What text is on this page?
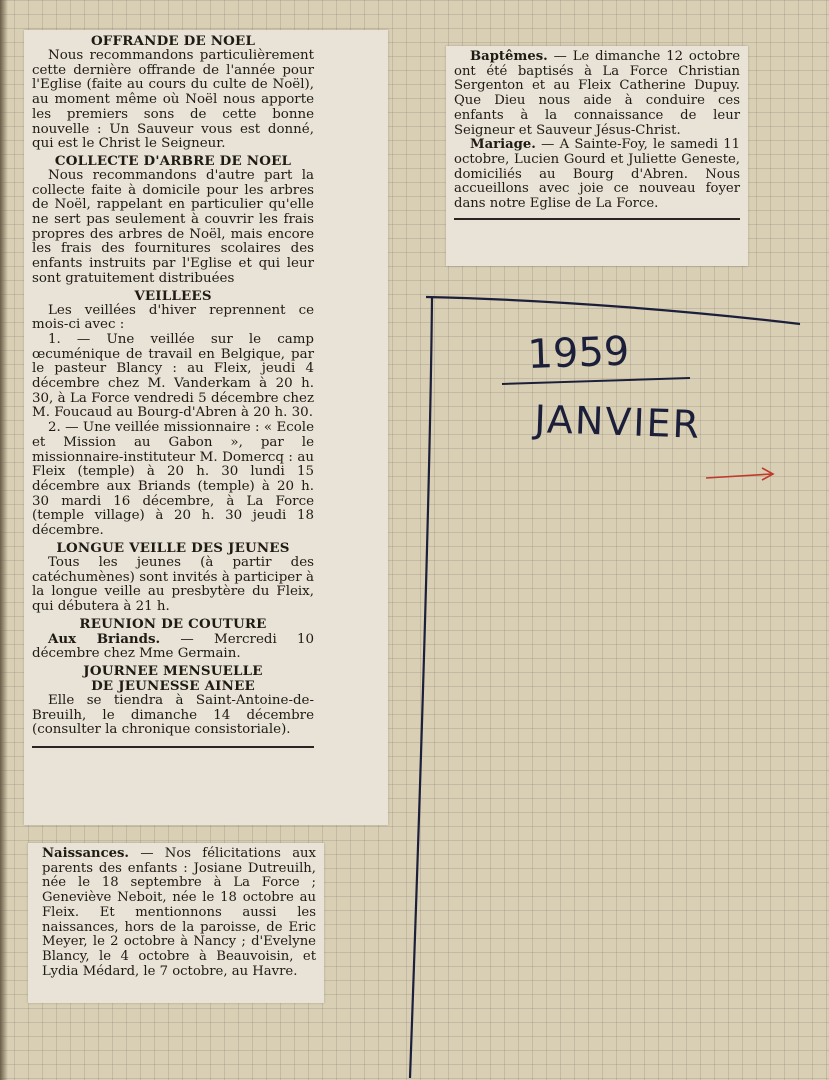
OFFRANDE DE NOEL

Nous recommandons particulièrement cette dernière offrande de l'année pour l'Eglise (faite au cours du culte de Noël), au moment même où Noël nous apporte les premiers sons de cette bonne nouvelle : Un Sauveur vous est donné, qui est le Christ le Seigneur.

COLLECTE D'ARBRE DE NOEL

Nous recommandons d'autre part la collecte faite à domicile pour les arbres de Noël, rappelant en particulier qu'elle ne sert pas seulement à couvrir les frais propres des arbres de Noël, mais encore les frais des fournitures scolaires des enfants instruits par l'Eglise et qui leur sont gratuitement distribuées

VEILLEES

Les veillées d'hiver reprennent ce mois-ci avec :

1. — Une veillée sur le camp œcuménique de travail en Belgique, par le pasteur Blancy : au Fleix, jeudi 4 décembre chez M. Vanderkam à 20 h. 30, à La Force vendredi 5 décembre chez M. Foucaud au Bourg-d'Abren à 20 h. 30.

2. — Une veillée missionnaire : « Ecole et Mission au Gabon », par le missionnaire-instituteur M. Domercq : au Fleix (temple) à 20 h. 30 lundi 15 décembre aux Briands (temple) à 20 h. 30 mardi 16 décembre, à La Force (temple village) à 20 h. 30 jeudi 18 décembre.

LONGUE VEILLE DES JEUNES

Tous les jeunes (à partir des catéchumènes) sont invités à participer à la longue veille au presbytère du Fleix, qui débutera à 21 h.

REUNION DE COUTURE

Aux Briands. — Mercredi 10 décembre chez Mme Germain.

JOURNEE MENSUELLE
DE JEUNESSE AINEE

Elle se tiendra à Saint-Antoine-de-Breuilh, le dimanche 14 décembre (consulter la chronique consistoriale).

Naissances. — Nos félicitations aux parents des enfants : Josiane Dutreuilh, née le 18 septembre à La Force ; Geneviève Neboit, née le 18 octobre au Fleix. Et mentionnons aussi les naissances, hors de la paroisse, de Eric Meyer, le 2 octobre à Nancy ; d'Evelyne Blancy, le 4 octobre à Beauvoisin, et Lydia Médard, le 7 octobre, au Havre.

Baptêmes. — Le dimanche 12 octobre ont été baptisés à La Force Christian Sergenton et au Fleix Catherine Dupuy. Que Dieu nous aide à conduire ces enfants à la connaissance de leur Seigneur et Sauveur Jésus-Christ.

Mariage. — A Sainte-Foy, le samedi 11 octobre, Lucien Gourd et Juliette Geneste, domiciliés au Bourg d'Abren. Nous accueillons avec joie ce nouveau foyer dans notre Eglise de La Force.

1959
JANVIER
